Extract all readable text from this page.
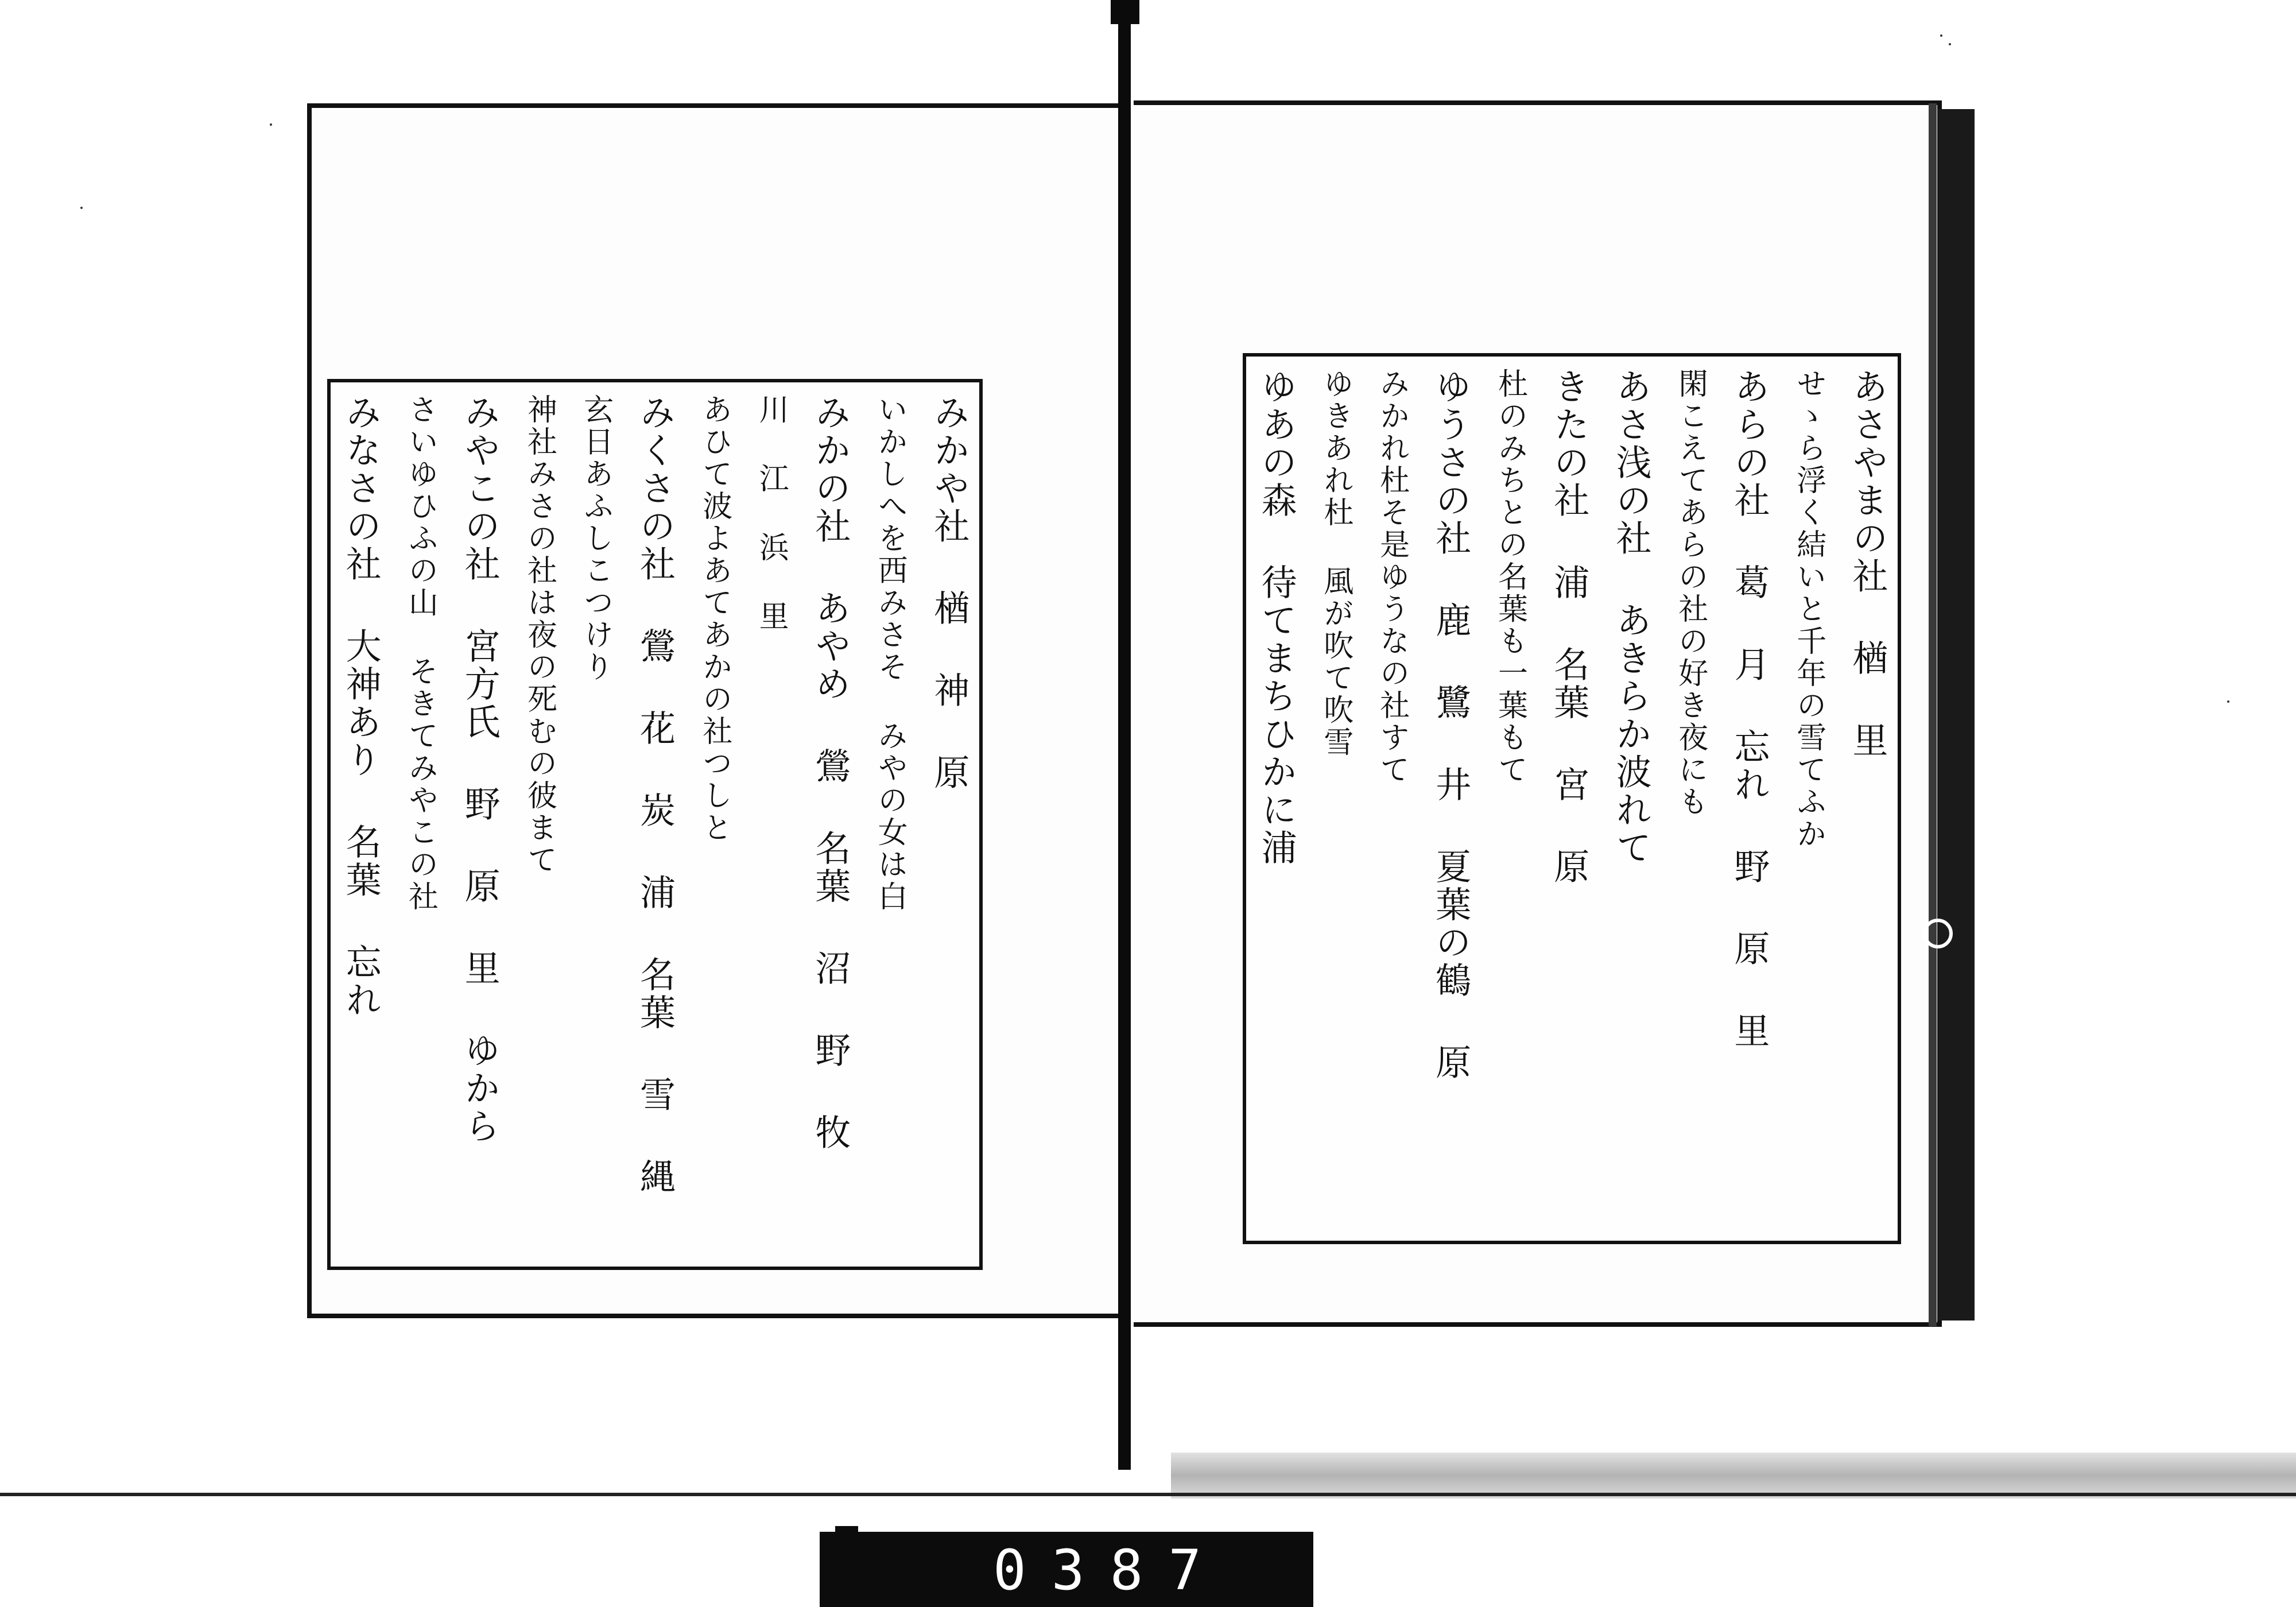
みかや社 楢 神 原
いかしへを西みさそ みやの女は白
みかの社 あやめ 鶯 名葉 沼 野 牧
川 江 浜 里
あひて波よあてあかの社つしと
みくさの社 鶯 花 炭 浦 名葉 雪 縄
玄日あふしこつけり
神社みさの社は夜の死むの彼まて
みやこの社 宮方氏 野 原 里 ゆから
さいゆひふの山 そきてみやこの社
みなさの社 大神あり 名葉 忘れ	あさやまの社 楢 里
せゝら浮く結いと千年の雪てふか
あらの社 葛 月 忘れ 野 原 里
閑こえてあらの社の好き夜にも
あさ浅の社 あきらか波れて
きたの社 浦 名葉 宮 原
杜のみちとの名葉も一葉もて
ゆうさの社 鹿 鷺 井 夏葉の鶴 原
みかれ杜そ是ゆうなの社すて
ゆきあれ杜 風が吹て吹雪
ゆあの森 待てまちひかに浦
0387
